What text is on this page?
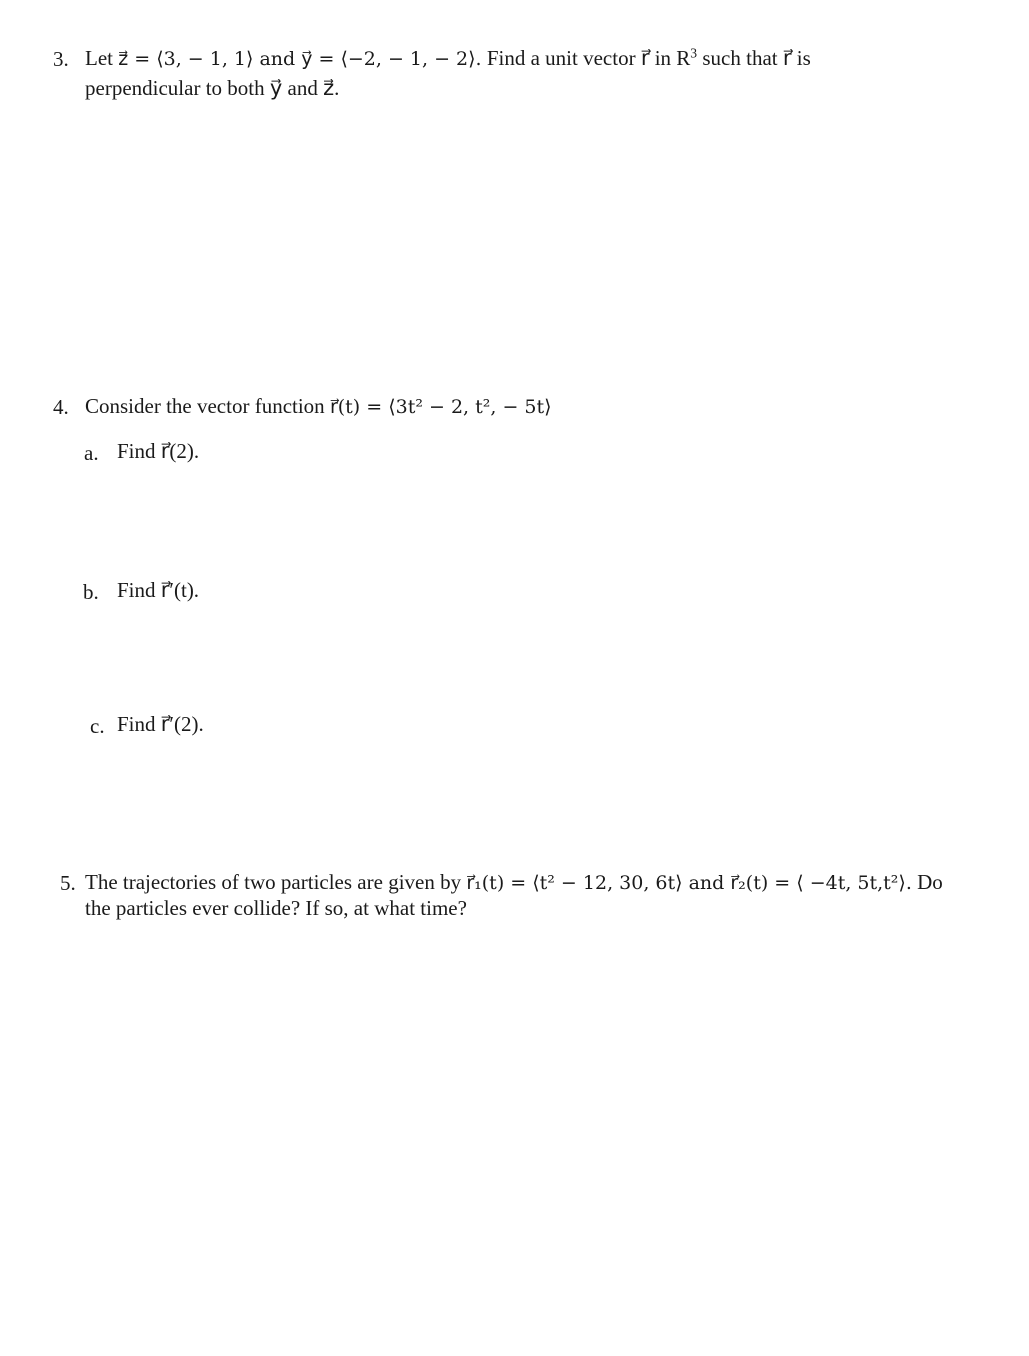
3. Let z⃗ = ⟨3, − 1, 1⟩ and y⃗ = ⟨−2, − 1, − 2⟩. Find a unit vector r⃗ in $R^3$ such that r⃗ is
perpendicular to both y⃗ and z⃗.
4. Consider the vector function r⃗(t) = ⟨3t² − 2, t², − 5t⟩
a. Find r⃗(2).
b. Find r⃗′(t).
c. Find r⃗′(2).
5. The trajectories of two particles are given by r⃗₁(t) = ⟨t² − 12, 30, 6t⟩ and r⃗₂(t) = ⟨ −4t, 5t,t²⟩. Do
the particles ever collide? If so, at what time?
